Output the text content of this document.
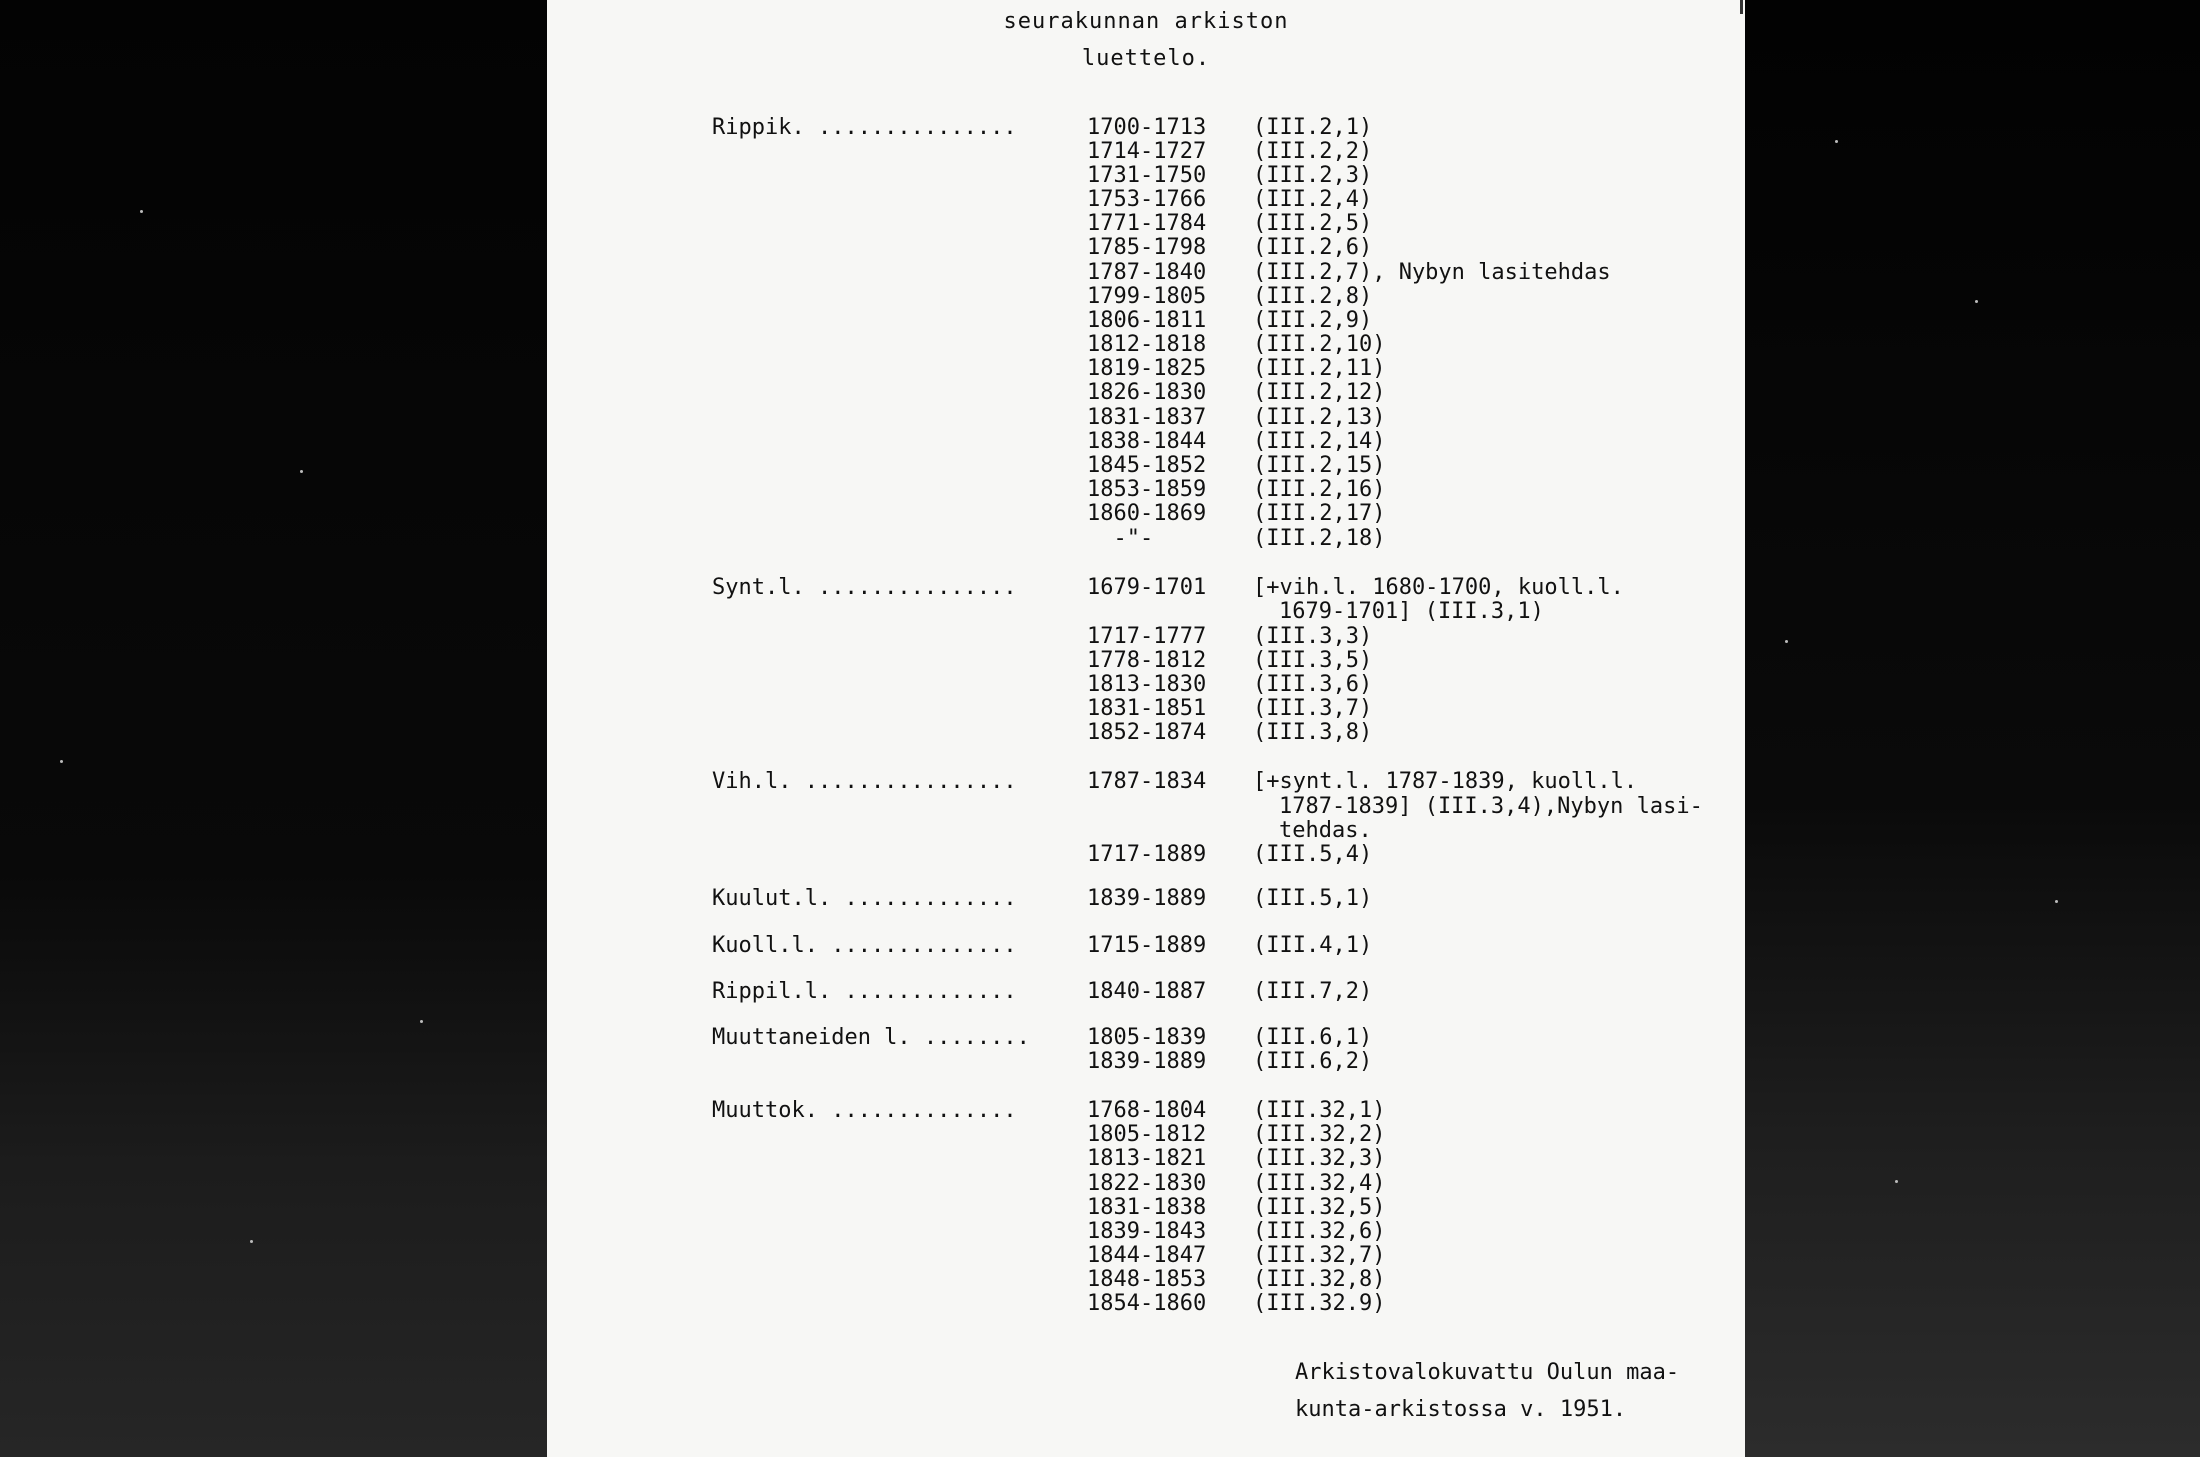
seurakunnan arkiston
luettelo.
Rippik. ...............	1700-1713 (III.2,1)
1714-1727 (III.2,2)
1731-1750 (III.2,3)
1753-1766 (III.2,4)
1771-1784 (III.2,5)
1785-1798 (III.2,6)
1787-1840 (III.2,7), Nybyn lasitehdas
1799-1805 (III.2,8)
1806-1811 (III.2,9)
1812-1818 (III.2,10)
1819-1825 (III.2,11)
1826-1830 (III.2,12)
1831-1837 (III.2,13)
1838-1844 (III.2,14)
1845-1852 (III.2,15)
1853-1859 (III.2,16)
1860-1869 (III.2,17)
-"-	(III.2,18)
Synt.l. ...............	1679-1701 [+vih.l. 1680-1700, kuoll.l.
1679-1701] (III.3,1)
1717-1777 (III.3,3)
1778-1812 (III.3,5)
1813-1830 (III.3,6)
1831-1851 (III.3,7)
1852-1874 (III.3,8)
Vih.l. ................	1787-1834 [+synt.l. 1787-1839, kuoll.l.
1787-1839] (III.3,4),Nybyn lasi-
tehdas.
1717-1889 (III.5,4)
Kuulut.l. .............	1839-1889 (III.5,1)
Kuoll.l. ..............	1715-1889 (III.4,1)
Rippil.l. .............	1840-1887 (III.7,2)
Muuttaneiden l. ........	1805-1839 (III.6,1)
1839-1889 (III.6,2)
Muuttok. ..............	1768-1804 (III.32,1)
1805-1812 (III.32,2)
1813-1821 (III.32,3)
1822-1830 (III.32,4)
1831-1838 (III.32,5)
1839-1843 (III.32,6)
1844-1847 (III.32,7)
1848-1853 (III.32,8)
1854-1860 (III.32.9)
Arkistovalokuvattu Oulun maa-
kunta-arkistossa v. 1951.
